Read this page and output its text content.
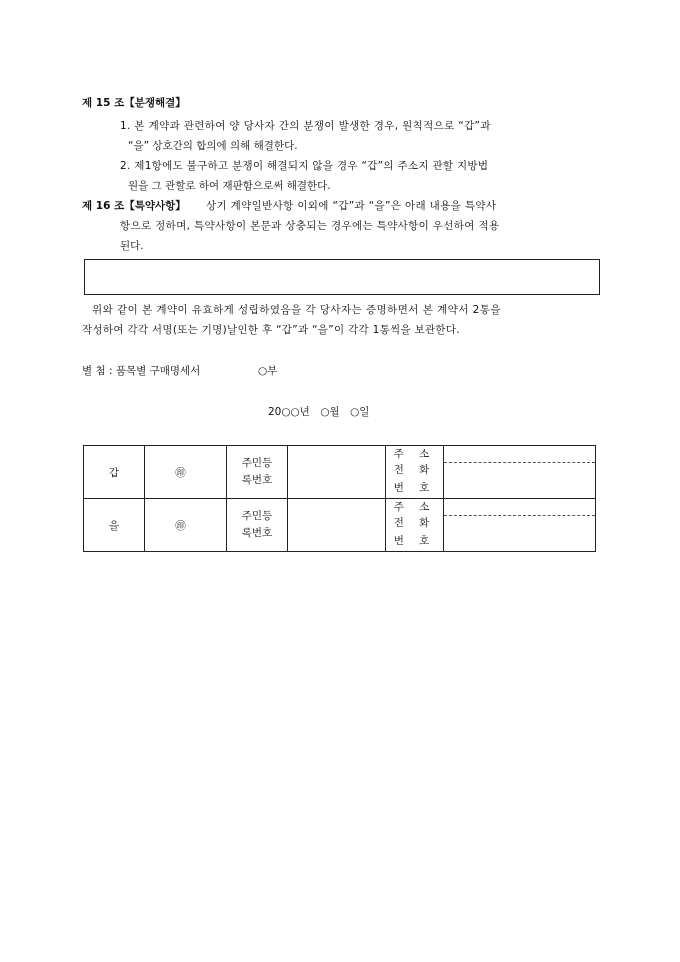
제 15 조【분쟁해결】
1. 본 계약과 관련하여 양 당사자 간의 분쟁이 발생한 경우, 원칙적으로 “갑”과
“을” 상호간의 합의에 의해 해결한다.
2. 제1항에도 불구하고 분쟁이 해결되지 않을 경우 “갑”의 주소지 관할 지방법
원을 그 관할로 하여 재판함으로써 해결한다.
제 16 조【특약사항】 상기 계약일반사항 이외에 “갑”과 “을”은 아래 내용을 특약사
항으로 정하며, 특약사항이 본문과 상충되는 경우에는 특약사항이 우선하여 적용
된다.
위와 같이 본 계약이 유효하게 성립하였음을 각 당사자는 증명하면서 본 계약서 2통을
작성하여 각각 서명(또는 기명)날인한 후 “갑”과 “을”이 각각 1통씩을 보관한다.
별 첨 : 품목별 구매명세서	○부
20○○년　○월　○일
갑	㊞	주민등
록번호		주 소
전 화
번 호	

을	㊞	주민등
록번호		주 소
전 화
번 호	
